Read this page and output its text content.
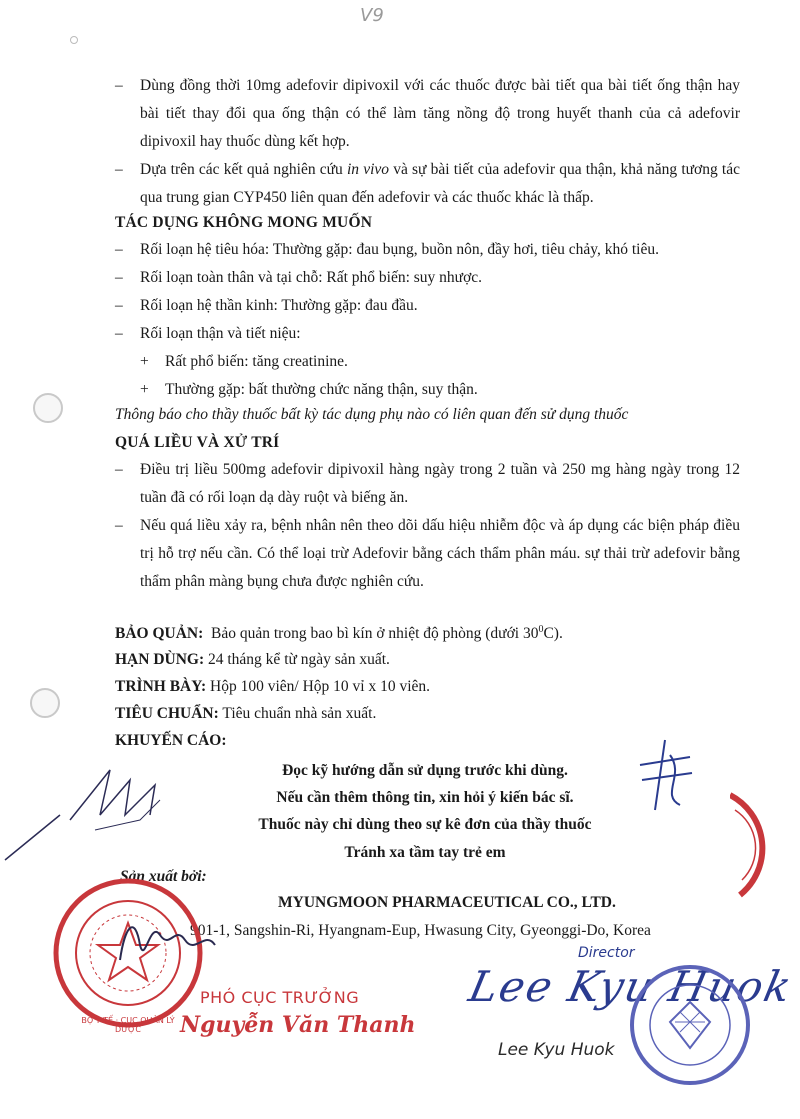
V9
–	Dùng đồng thời 10mg adefovir dipivoxil với các thuốc được bài tiết qua bài tiết ống thận hay bài tiết thay đổi qua ống thận có thể làm tăng nồng độ trong huyết thanh của cả adefovir dipivoxil hay thuốc dùng kết hợp.
–	Dựa trên các kết quả nghiên cứu in vivo và sự bài tiết của adefovir qua thận, khả năng tương tác qua trung gian CYP450 liên quan đến adefovir và các thuốc khác là thấp.
TÁC DỤNG KHÔNG MONG MUỐN
–	Rối loạn hệ tiêu hóa: Thường gặp: đau bụng, buồn nôn, đầy hơi, tiêu chảy, khó tiêu.
–	Rối loạn toàn thân và tại chỗ: Rất phổ biến: suy nhược.
–	Rối loạn hệ thần kinh: Thường gặp: đau đầu.
–	Rối loạn thận và tiết niệu:
+	Rất phổ biến: tăng creatinine.
+	Thường gặp: bất thường chức năng thận, suy thận.
Thông báo cho thầy thuốc bất kỳ tác dụng phụ nào có liên quan đến sử dụng thuốc
QUÁ LIỀU VÀ XỬ TRÍ
–	Điều trị liều 500mg adefovir dipivoxil hàng ngày trong 2 tuần và 250 mg hàng ngày trong 12 tuần đã có rối loạn dạ dày ruột và biếng ăn.
–	Nếu quá liều xảy ra, bệnh nhân nên theo dõi dấu hiệu nhiễm độc và áp dụng các biện pháp điều trị hỗ trợ nếu cần. Có thể loại trừ Adefovir bằng cách thẩm phân máu. sự thải trừ adefovir bằng thẩm phân màng bụng chưa được nghiên cứu.
BẢO QUẢN: Bảo quản trong bao bì kín ở nhiệt độ phòng (dưới $30^0C$).
HẠN DÙNG: 24 tháng kể từ ngày sản xuất.
TRÌNH BÀY: Hộp 100 viên/ Hộp 10 vỉ x 10 viên.
TIÊU CHUẨN: Tiêu chuẩn nhà sản xuất.
KHUYẾN CÁO:
Đọc kỹ hướng dẫn sử dụng trước khi dùng.
Nếu cần thêm thông tin, xin hỏi ý kiến bác sĩ.
Thuốc này chỉ dùng theo sự kê đơn của thầy thuốc
Tránh xa tầm tay trẻ em
Sản xuất bởi:
MYUNGMOON PHARMACEUTICAL CO., LTD.
901-1, Sangshin-Ri, Hyangnam-Eup, Hwasung City, Gyeonggi-Do, Korea
BỘ Y TẾ · CỤC QUẢN LÝ DƯỢC
PHÓ CỤC TRƯỞNG
Nguyễn Văn Thanh
Director
Lee Kyu Huok
Lee Kyu Huok
